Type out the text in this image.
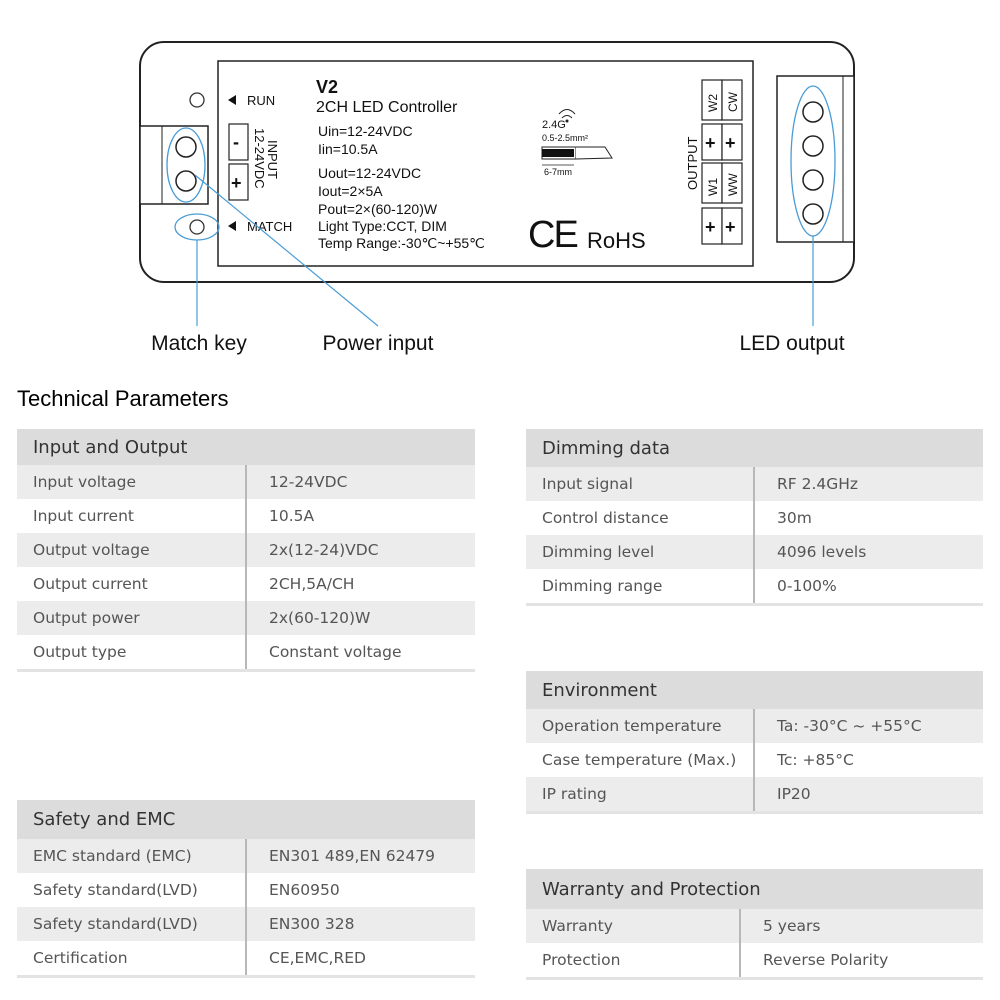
RUN
MATCH
-
+
INPUT
12-24VDC
V2
2CH LED Controller
Uin=12-24VDC
Iin=10.5A
Uout=12-24VDC
Iout=2×5A
Pout=2×(60-120)W
Light Type:CCT, DIM
Temp Range:-30℃~+55℃
2.4G
0.5-2.5mm²
6-7mm
CE RoHS
OUTPUT
W2 CW
W1 WW
+ +
+ +
Match key	Power input	LED output
Technical Parameters
Input and Output
Input voltage	12-24VDC
Input current	10.5A
Output voltage	2x(12-24)VDC
Output current	2CH,5A/CH
Output power	2x(60-120)W
Output type	Constant voltage
Safety and EMC
EMC standard (EMC)	EN301 489,EN 62479
Safety standard(LVD)	EN60950
Safety standard(LVD)	EN300 328
Certification	CE,EMC,RED
Dimming data
Input signal	RF 2.4GHz
Control distance	30m
Dimming level	4096 levels
Dimming range	0-100%
Environment
Operation temperature	Ta: -30°C ~ +55°C
Case temperature (Max.)	Tc: +85°C
IP rating	IP20
Warranty and Protection
Warranty	5 years
Protection	Reverse Polarity
